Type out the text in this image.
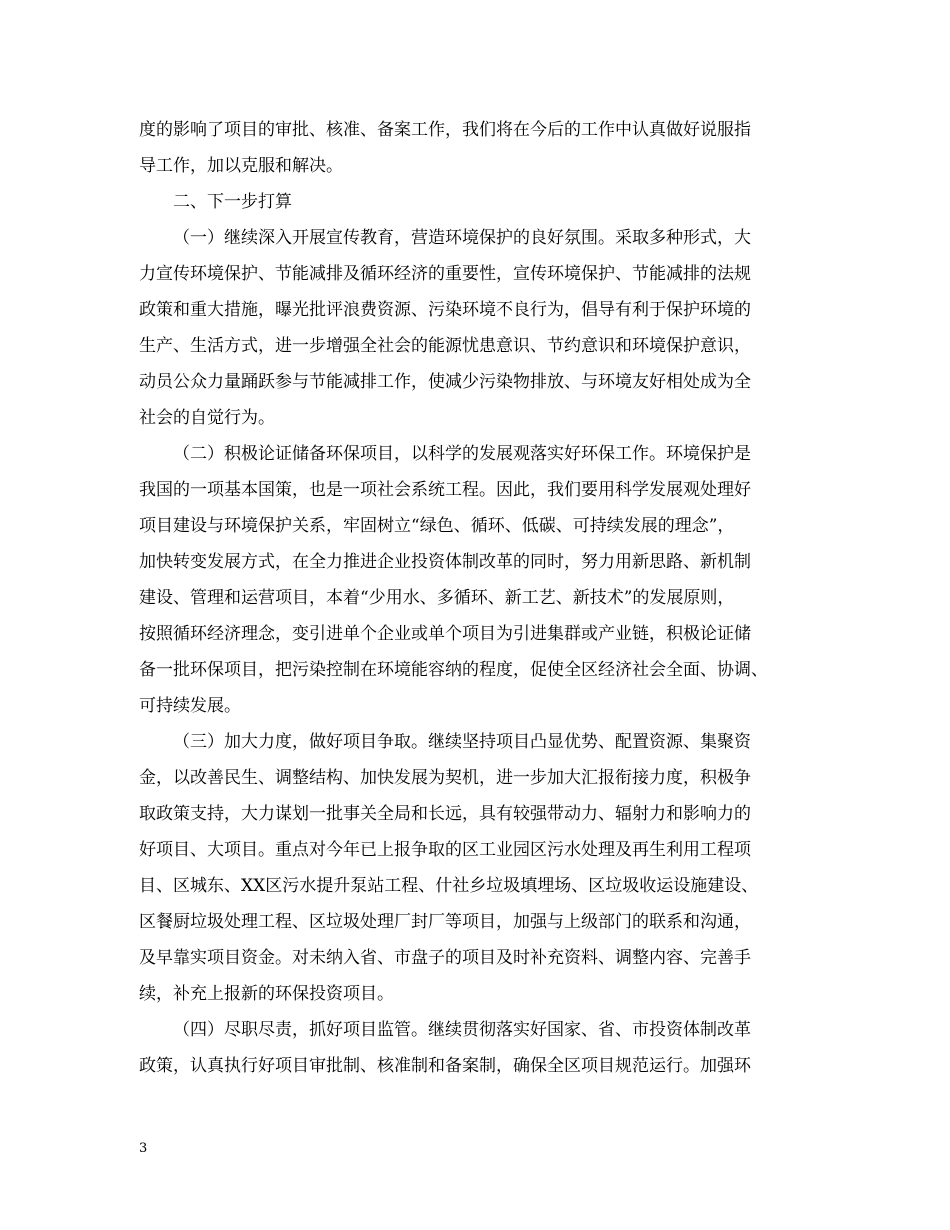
度的影响了项目的审批、核准、备案工作，我们将在今后的工作中认真做好说服指

导工作，加以克服和解决。

二、下一步打算

（一）继续深入开展宣传教育，营造环境保护的良好氛围。采取多种形式，大

力宣传环境保护、节能减排及循环经济的重要性，宣传环境保护、节能减排的法规

政策和重大措施，曝光批评浪费资源、污染环境不良行为，倡导有利于保护环境的

生产、生活方式，进一步增强全社会的能源忧患意识、节约意识和环境保护意识，

动员公众力量踊跃参与节能减排工作，使减少污染物排放、与环境友好相处成为全

社会的自觉行为。

（二）积极论证储备环保项目，以科学的发展观落实好环保工作。环境保护是

我国的一项基本国策，也是一项社会系统工程。因此，我们要用科学发展观处理好

项目建设与环境保护关系，牢固树立“绿色、循环、低碳、可持续发展的理念”，

加快转变发展方式，在全力推进企业投资体制改革的同时，努力用新思路、新机制

建设、管理和运营项目，本着“少用水、多循环、新工艺、新技术”的发展原则，

按照循环经济理念，变引进单个企业或单个项目为引进集群或产业链，积极论证储

备一批环保项目，把污染控制在环境能容纳的程度，促使全区经济社会全面、协调、

可持续发展。

（三）加大力度，做好项目争取。继续坚持项目凸显优势、配置资源、集聚资

金，以改善民生、调整结构、加快发展为契机，进一步加大汇报衔接力度，积极争

取政策支持，大力谋划一批事关全局和长远，具有较强带动力、辐射力和影响力的

好项目、大项目。重点对今年已上报争取的区工业园区污水处理及再生利用工程项

目、区城东、XX区污水提升泵站工程、什社乡垃圾填埋场、区垃圾收运设施建设、

区餐厨垃圾处理工程、区垃圾处理厂封厂等项目，加强与上级部门的联系和沟通，

及早靠实项目资金。对未纳入省、市盘子的项目及时补充资料、调整内容、完善手

续，补充上报新的环保投资项目。

（四）尽职尽责，抓好项目监管。继续贯彻落实好国家、省、市投资体制改革

政策，认真执行好项目审批制、核准制和备案制，确保全区项目规范运行。加强环

3
